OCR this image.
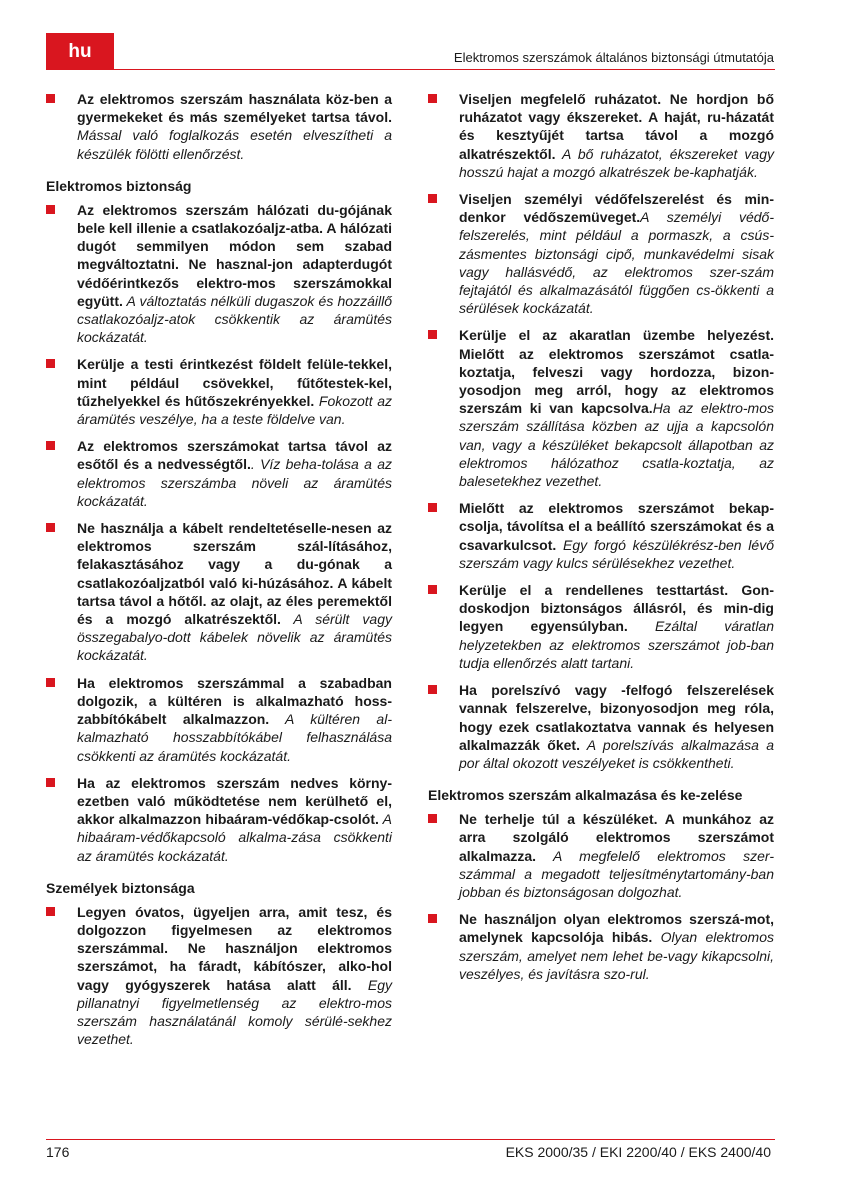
hu	Elektromos szerszámok általános biztonsági útmutatója
Az elektromos szerszám használata köz-ben a gyermekeket és más személyeket tartsa távol. Mással való foglalkozás esetén elveszítheti a készülék fölötti ellenőrzést.
Elektromos biztonság
Az elektromos szerszám hálózati du-gójának bele kell illenie a csatlakozóaljz-atba. A hálózati dugót semmilyen módon sem szabad megváltoztatni. Ne hasznal-jon adapterdugót védőérintkezős elektro-mos szerszámokkal együtt. A változtatás nélküli dugaszok és hozzáillő csatlakozóaljz-atok csökkentik az áramütés kockázatát.
Kerülje a testi érintkezést földelt felüle-tekkel, mint például csövekkel, fűtőtestek-kel, tűzhelyekkel és hűtőszekrényekkel. Fokozott az áramütés veszélye, ha a teste földelve van.
Az elektromos szerszámokat tartsa távol az esőtől és a nedvességtől.. Víz beha-tolása a az elektromos szerszámba növeli az áramütés kockázatát.
Ne használja a kábelt rendeltetéselle-nesen az elektromos szerszám szál-lításához, felakasztásához vagy a du-gónak a csatlakozóaljzatból való ki-húzásához. A kábelt tartsa távol a hőtől. az olajt, az éles peremektől és a mozgó alkatrészektől. A sérült vagy összegabalyo-dott kábelek növelik az áramütés kockázatát.
Ha elektromos szerszámmal a szabadban dolgozik, a kültéren is alkalmazható hoss-zabbítókábelt alkalmazzon. A kültéren al-kalmazható hosszabbítókábel felhasználása csökkenti az áramütés kockázatát.
Ha az elektromos szerszám nedves körny-ezetben való működtetése nem kerülhető el, akkor alkalmazzon hibaáram-védőkap-csolót. A hibaáram-védőkapcsoló alkalma-zása csökkenti az áramütés kockázatát.
Személyek biztonsága
Legyen óvatos, ügyeljen arra, amit tesz, és dolgozzon figyelmesen az elektromos szerszámmal. Ne használjon elektromos szerszámot, ha fáradt, kábítószer, alko-hol vagy gyógyszerek hatása alatt áll. Egy pillanatnyi figyelmetlenség az elektro-mos szerszám használatánál komoly sérülé-sekhez vezethet.
Viseljen megfelelő ruházatot. Ne hordjon bő ruházatot vagy ékszereket. A haját, ru-házatát és kesztyűjét tartsa távol a mozgó alkatrészektől. A bő ruházatot, ékszereket vagy hosszú hajat a mozgó alkatrészek be-kaphatják.
Viseljen személyi védőfelszerelést és min-denkor védőszemüveget.A személyi védő-felszerelés, mint például a pormaszk, a csús-zásmentes biztonsági cipő, munkavédelmi sisak vagy hallásvédő, az elektromos szer-szám fejtajától és alkalmazásától függően cs-ökkenti a sérülések kockázatát.
Kerülje el az akaratlan üzembe helyezést. Mielőtt az elektromos szerszámot csatla-koztatja, felveszi vagy hordozza, bizon-yosodjon meg arról, hogy az elektromos szerszám ki van kapcsolva.Ha az elektro-mos szerszám szállítása közben az ujja a kapcsolón van, vagy a készüléket bekapcsolt állapotban az elektromos hálózathoz csatla-koztatja, az balesetekhez vezethet.
Mielőtt az elektromos szerszámot bekap-csolja, távolítsa el a beállító szerszámokat és a csavarkulcsot. Egy forgó készülékrész-ben lévő szerszám vagy kulcs sérülésekhez vezethet.
Kerülje el a rendellenes testtartást. Gon-doskodjon biztonságos állásról, és min-dig legyen egyensúlyban. Ezáltal váratlan helyzetekben az elektromos szerszámot job-ban tudja ellenőrzés alatt tartani.
Ha porelszívó vagy -felfogó felszerelések vannak felszerelve, bizonyosodjon meg róla, hogy ezek csatlakoztatva vannak és helyesen alkalmazzák őket. A porelszívás alkalmazása a por által okozott veszélyeket is csökkentheti.
Elektromos szerszám alkalmazása és ke-zelése
Ne terhelje túl a készüléket. A munkához az arra szolgáló elektromos szerszámot alkalmazza. A megfelelő elektromos szer-számmal a megadott teljesítménytartomány-ban jobban és biztonságosan dolgozhat.
Ne használjon olyan elektromos szerszá-mot, amelynek kapcsolója hibás. Olyan elektromos szerszám, amelyet nem lehet be-vagy kikapcsolni, veszélyes, és javításra szo-rul.
176	EKS 2000/35 / EKI 2200/40 / EKS 2400/40
